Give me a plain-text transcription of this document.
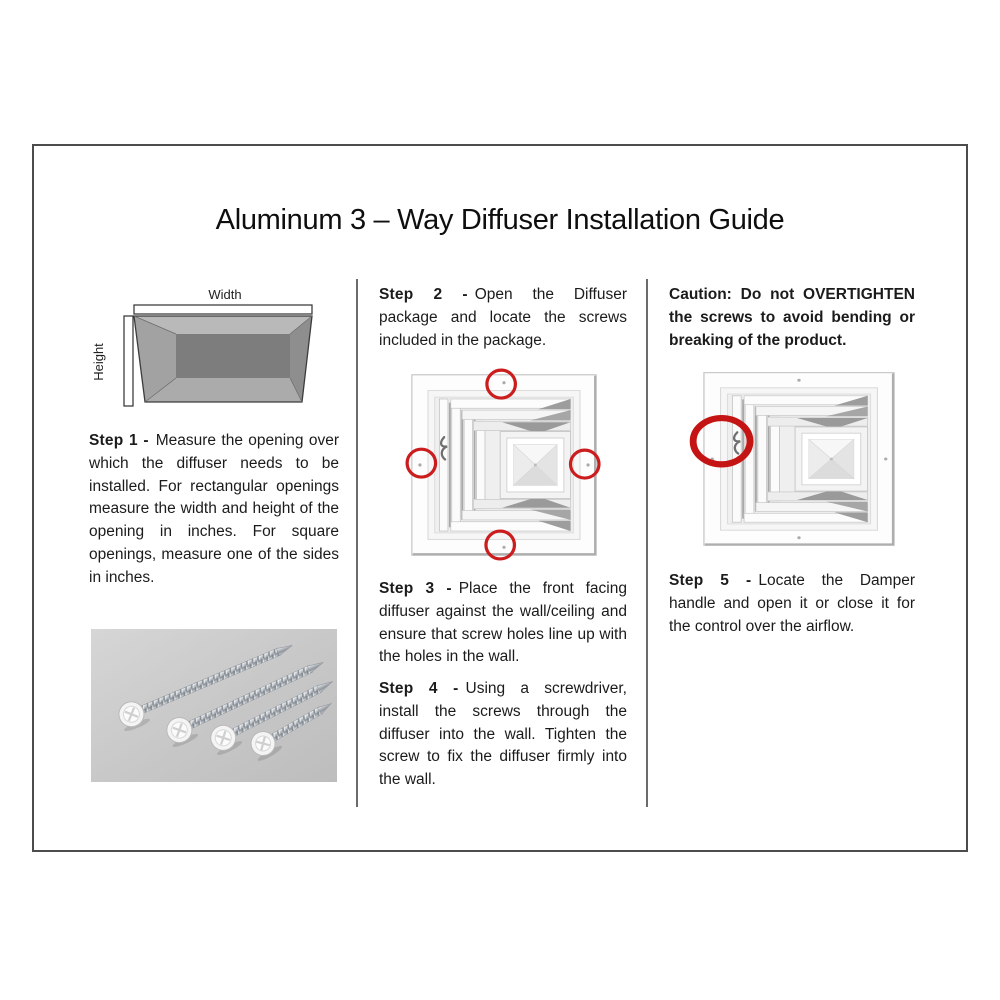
Aluminum 3 – Way Diffuser Installation Guide
Width
Height

Step 1 - Measure the opening over which the diffuser needs to be installed. For rectangular openings measure the width and height of the opening in inches. For square openings, measure one of the sides in inches.

Step 2 - Open the Diffuser package and locate the screws included in the package.

Step 3 - Place the front facing diffuser against the wall/ceiling and ensure that screw holes line up with the holes in the wall.

Step 4 - Using a screwdriver, install the screws through the diffuser into the wall. Tighten the screw to fix the diffuser firmly into the wall.

Caution: Do not OVERTIGHTEN the screws to avoid bending or breaking of the product.

Step 5 - Locate the Damper handle and open it or close it for the control over the airflow.
